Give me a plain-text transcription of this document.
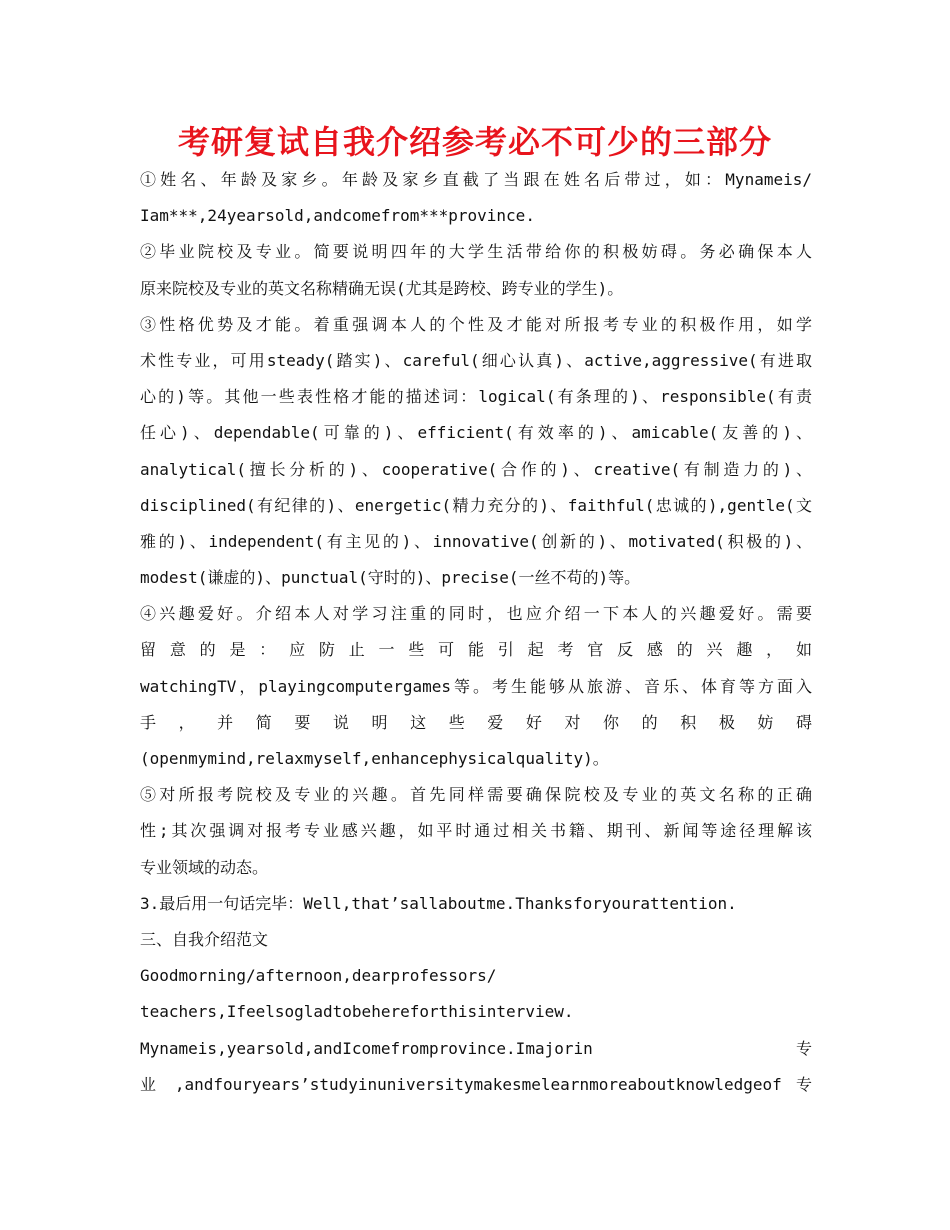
考研复试自我介绍参考必不可少的三部分
①姓名、年龄及家乡。年龄及家乡直截了当跟在姓名后带过，如：Mynameis/
Iam***,24yearsold,andcomefrom***province.
②毕业院校及专业。简要说明四年的大学生活带给你的积极妨碍。务必确保本人
原来院校及专业的英文名称精确无误(尤其是跨校、跨专业的学生)。
③性格优势及才能。着重强调本人的个性及才能对所报考专业的积极作用，如学
术性专业，可用steady(踏实)、careful(细心认真)、active,aggressive(有进取
心的)等。其他一些表性格才能的描述词：logical(有条理的)、responsible(有责
任心)、dependable(可靠的)、efficient(有效率的)、amicable(友善的)、
analytical(擅长分析的)、cooperative(合作的)、creative(有制造力的)、
disciplined(有纪律的)、energetic(精力充分的)、faithful(忠诚的),gentle(文
雅的)、independent(有主见的)、innovative(创新的)、motivated(积极的)、
modest(谦虚的)、punctual(守时的)、precise(一丝不苟的)等。
④兴趣爱好。介绍本人对学习注重的同时，也应介绍一下本人的兴趣爱好。需要
留 意 的 是 ： 应 防 止 一 些 可 能 引 起 考 官 反 感 的 兴 趣 ， 如
watchingTV，playingcomputergames等。考生能够从旅游、音乐、体育等方面入
手 ， 并 简 要 说 明 这 些 爱 好 对 你 的 积 极 妨 碍
(openmymind,relaxmyself,enhancephysicalquality)。
⑤对所报考院校及专业的兴趣。首先同样需要确保院校及专业的英文名称的正确
性;其次强调对报考专业感兴趣，如平时通过相关书籍、期刊、新闻等途径理解该
专业领域的动态。
3.最后用一句话完毕：Well,that’sallaboutme.Thanksforyourattention.
三、自我介绍范文
Goodmorning/afternoon,dearprofessors/
teachers,Ifeelsogladtobehereforthisinterview.
Mynameis,yearsold,andIcomefromprovince.Imajorin 专
业 ,andfouryears’studyinuniversitymakesmelearnmoreaboutknowledgeof 专
